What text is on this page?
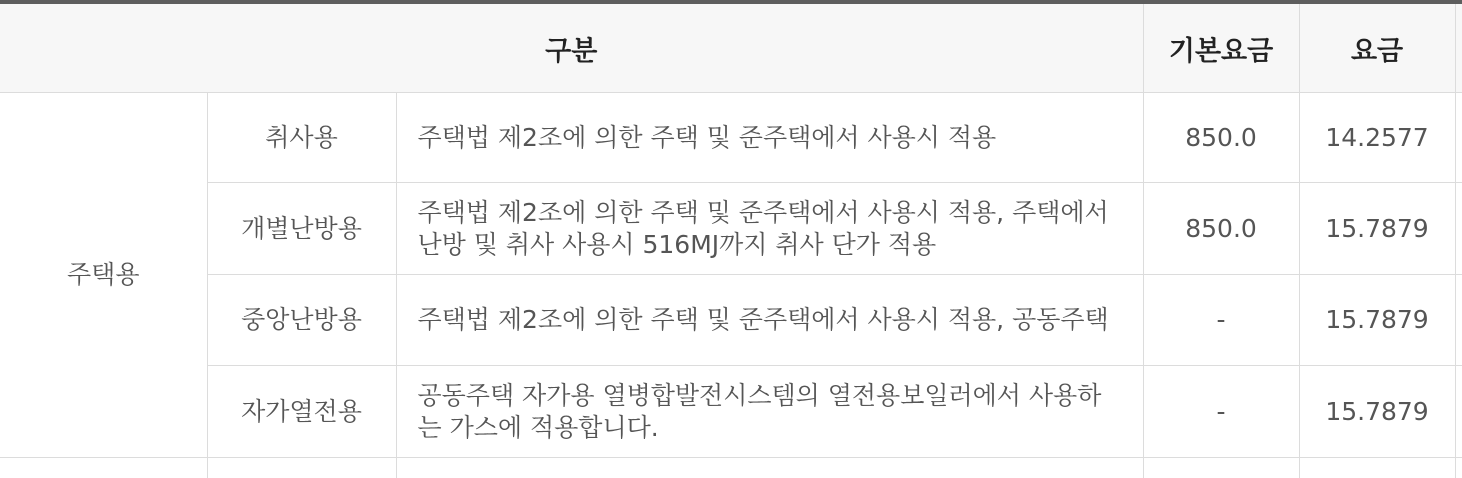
구분			기본요금	요금	
주택용	취사용	주택법 제2조에 의한 주택 및 준주택에서 사용시 적용	850.0	14.2577	
	개별난방용	주택법 제2조에 의한 주택 및 준주택에서 사용시 적용, 주택에서 난방 및 취사 사용시 516MJ까지 취사 단가 적용	850.0	15.7879	
	중앙난방용	주택법 제2조에 의한 주택 및 준주택에서 사용시 적용, 공동주택	-	15.7879	
	자가열전용	공동주택 자가용 열병합발전시스템의 열전용보일러에서 사용하는 가스에 적용합니다.	-	15.7879	
